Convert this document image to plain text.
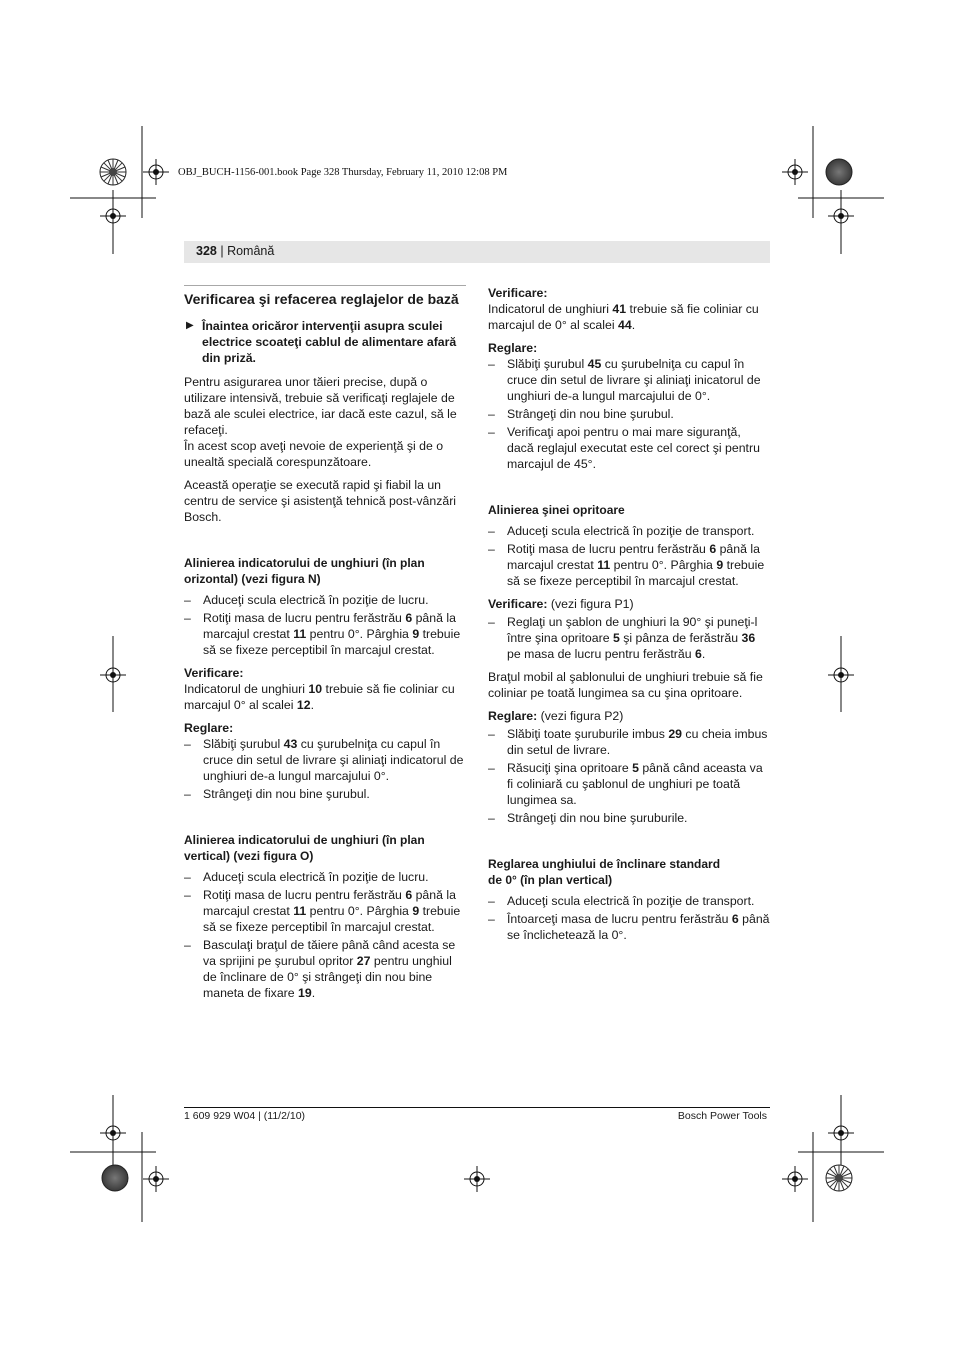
OBJ_BUCH-1156-001.book Page 328 Thursday, February 11, 2010 12:08 PM
328 | Română
Verificarea şi refacerea reglajelor de bază
▶ Înaintea oricăror intervenţii asupra sculei electrice scoateţi cablul de alimentare afară din priză.

Pentru asigurarea unor tăieri precise, după o utilizare intensivă, trebuie să verificaţi reglajele de bază ale sculei electrice, iar dacă este cazul, să le refaceţi.
În acest scop aveţi nevoie de experienţă şi de o unealtă specială corespunzătoare.

Această operaţie se execută rapid şi fiabil la un centru de service şi asistenţă tehnică post-vânzări Bosch.

Alinierea indicatorului de unghiuri (în plan orizontal) (vezi figura N)
– Aduceţi scula electrică în poziţie de lucru.
– Rotiţi masa de lucru pentru ferăstrău 6 până la marcajul crestat 11 pentru 0°. Pârghia 9 trebuie să se fixeze perceptibil în marcajul crestat.

Verificare:

Indicatorul de unghiuri 10 trebuie să fie coliniar cu marcajul 0° al scalei 12.

Reglare:

– Slăbiţi şurubul 43 cu şurubelniţa cu capul în cruce din setul de livrare şi aliniaţi indicatorul de unghiuri de-a lungul marcajului 0°.
– Strângeţi din nou bine şurubul.
Alinierea indicatorului de unghiuri (în plan vertical) (vezi figura O)
– Aduceţi scula electrică în poziţie de lucru.
– Rotiţi masa de lucru pentru ferăstrău 6 până la marcajul crestat 11 pentru 0°. Pârghia 9 trebuie să se fixeze perceptibil în marcajul crestat.
– Basculaţi braţul de tăiere până când acesta se va sprijini pe şurubul opritor 27 pentru unghiul de înclinare de 0° şi strângeţi din nou bine maneta de fixare 19.

Verificare:

Indicatorul de unghiuri 41 trebuie să fie coliniar cu marcajul de 0° al scalei 44.

Reglare:

– Slăbiţi şurubul 45 cu şurubelniţa cu capul în cruce din setul de livrare şi aliniaţi inicatorul de unghiuri de-a lungul marcajului de 0°.
– Strângeţi din nou bine şurubul.
– Verificaţi apoi pentru o mai mare siguranţă, dacă reglajul executat este cel corect şi pentru marcajul de 45°.
Alinierea şinei opritoare
– Aduceţi scula electrică în poziţie de transport.
– Rotiţi masa de lucru pentru ferăstrău 6 până la marcajul crestat 11 pentru 0°. Pârghia 9 trebuie să se fixeze perceptibil în marcajul crestat.

Verificare: (vezi figura P1)

– Reglaţi un şablon de unghiuri la 90° şi puneţi-l între şina opritoare 5 şi pânza de ferăstrău 36 pe masa de lucru pentru ferăstrău 6.

Braţul mobil al şablonului de unghiuri trebuie să fie coliniar pe toată lungimea sa cu şina opritoare.

Reglare: (vezi figura P2)

– Slăbiţi toate şuruburile imbus 29 cu cheia imbus din setul de livrare.
– Răsuciţi şina opritoare 5 până când aceasta va fi coliniară cu şablonul de unghiuri pe toată lungimea sa.
– Strângeţi din nou bine şuruburile.
Reglarea unghiului de înclinare standard
de 0° (în plan vertical)
– Aduceţi scula electrică în poziţie de transport.
– Întoarceţi masa de lucru pentru ferăstrău 6 până se înclichetează la 0°.
1 609 929 W04 | (11/2/10)	Bosch Power Tools
